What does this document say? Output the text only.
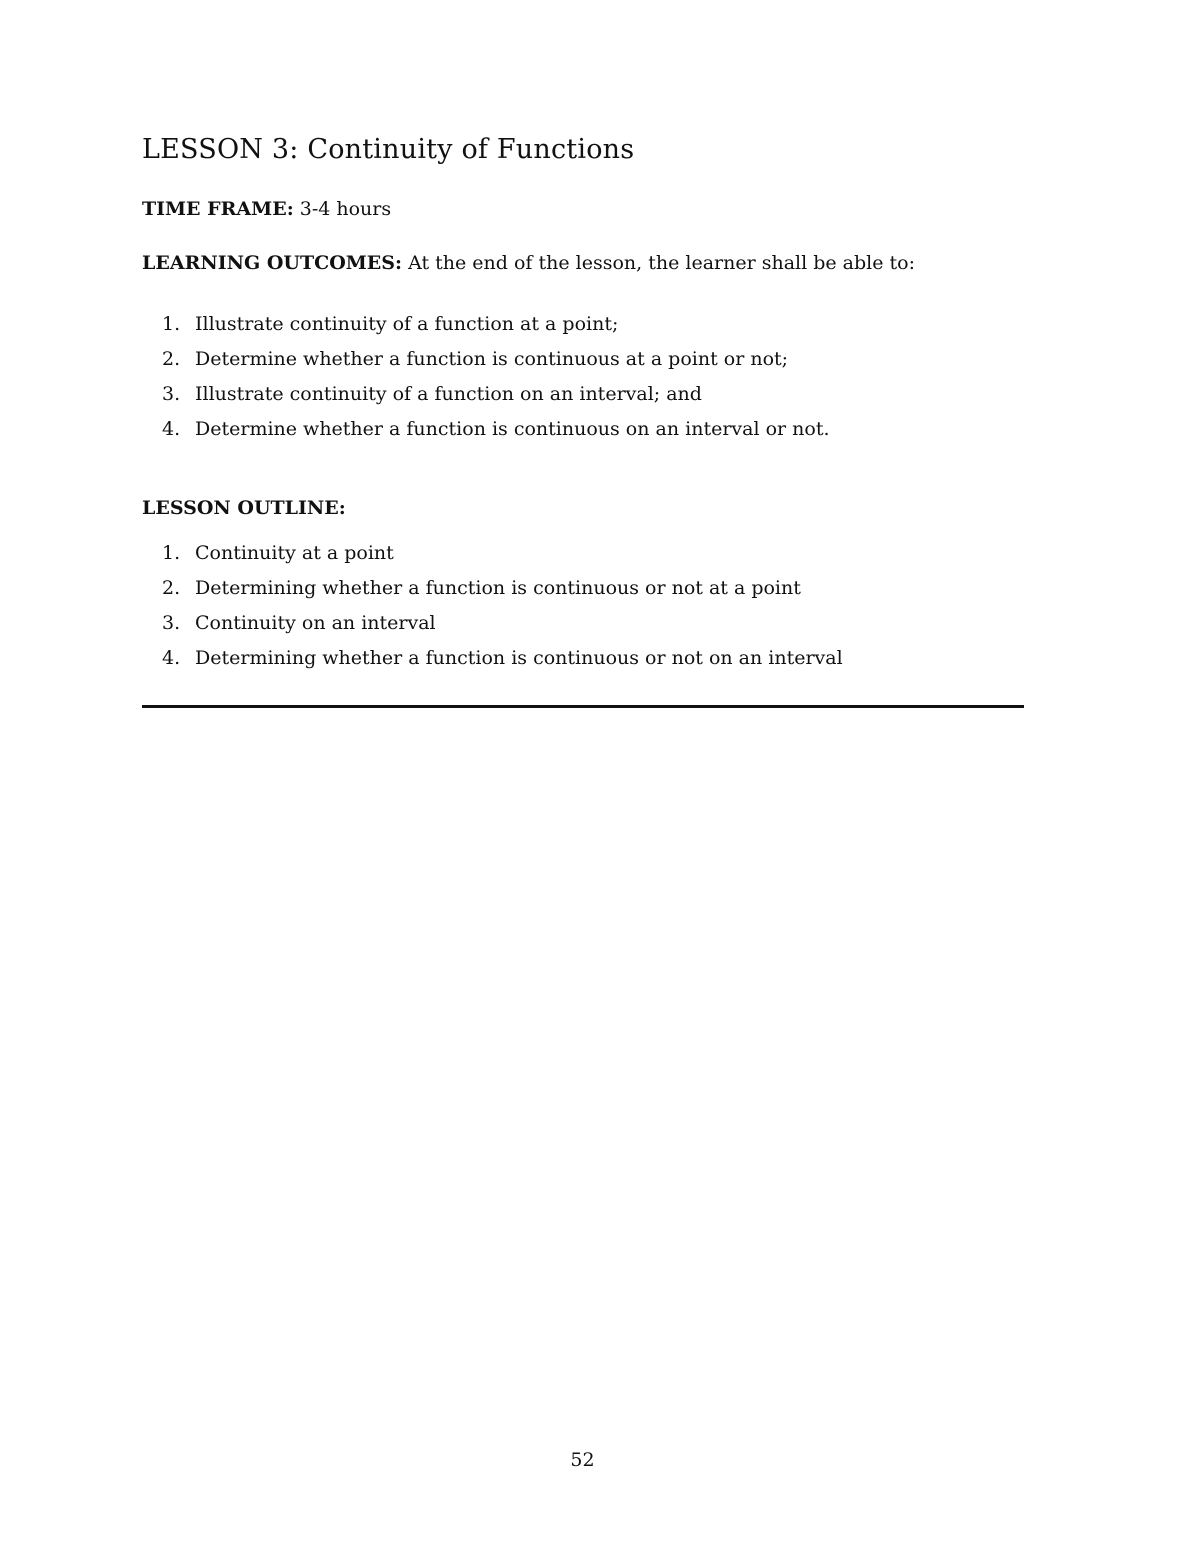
LESSON 3: Continuity of Functions
TIME FRAME: 3-4 hours
LEARNING OUTCOMES: At the end of the lesson, the learner shall be able to:
1. Illustrate continuity of a function at a point;
2. Determine whether a function is continuous at a point or not;
3. Illustrate continuity of a function on an interval; and
4. Determine whether a function is continuous on an interval or not.
LESSON OUTLINE:
1. Continuity at a point
2. Determining whether a function is continuous or not at a point
3. Continuity on an interval
4. Determining whether a function is continuous or not on an interval
52
